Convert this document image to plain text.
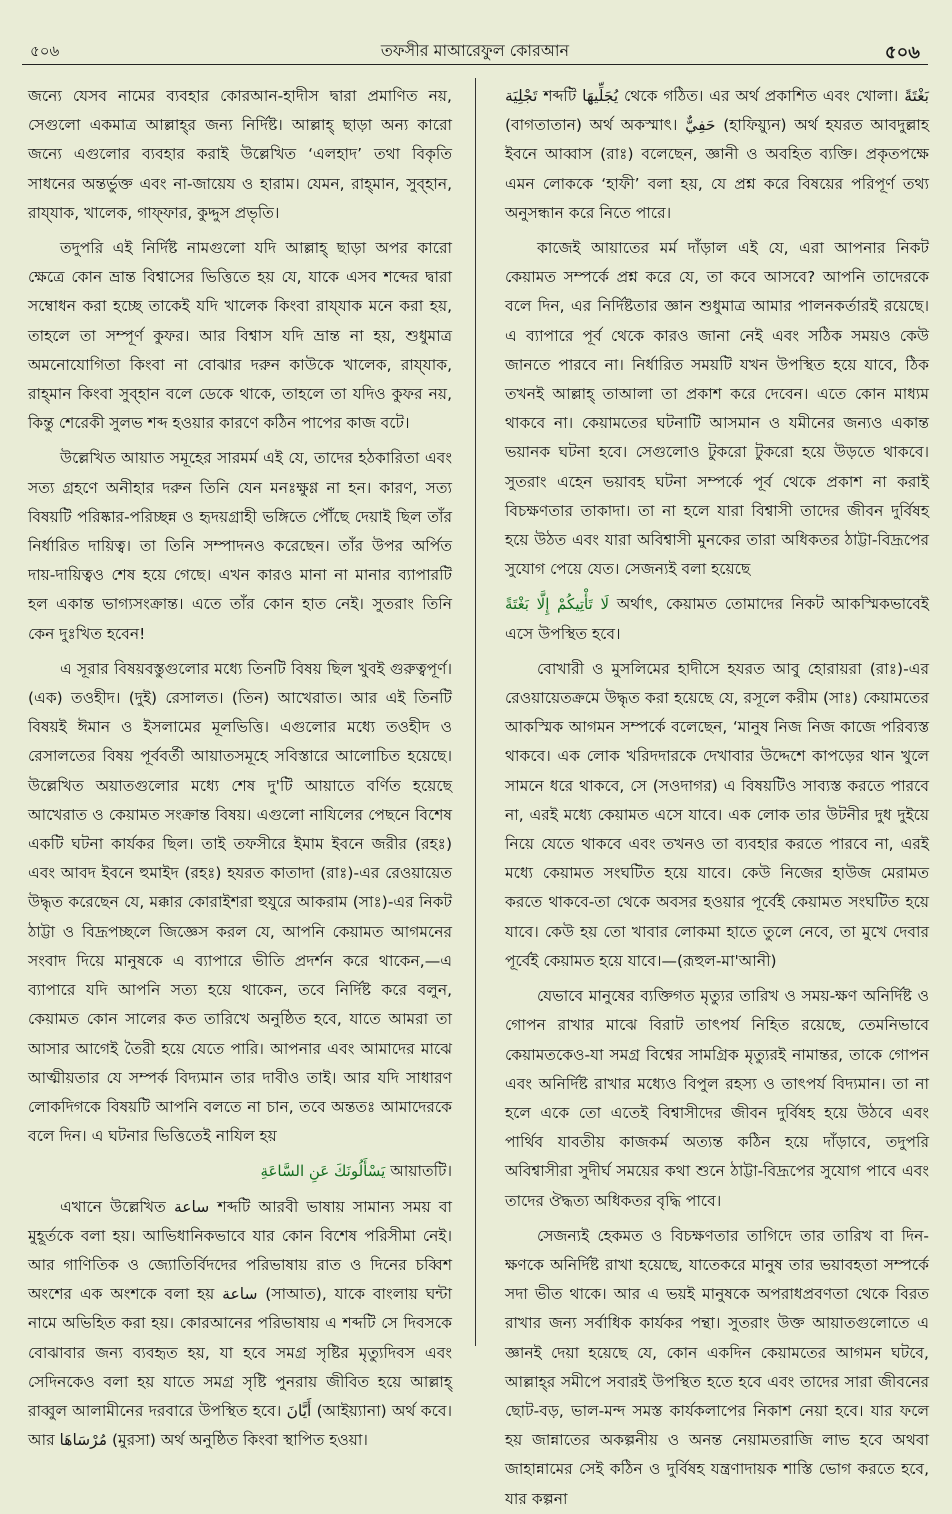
৫০৬	তফসীর মাআরেফুল কোরআন	৫০৬

জন্যে যেসব নামের ব্যবহার কোরআন-হাদীস দ্বারা প্রমাণিত নয়, সেগুলো একমাত্র আল্লাহ্‌র জন্য নির্দিষ্ট। আল্লাহ্ ছাড়া অন্য কারো জন্যে এগুলোর ব্যবহার করাই উল্লেখিত ‘এলহাদ’ তথা বিকৃতি সাধনের অন্তর্ভুক্ত এবং না-জায়েয ও হারাম। যেমন, রাহ্‌মান, সুব্হান, রায্‌যাক, খালেক, গাফ্‌ফার, কুদ্দুস প্রভৃতি।

তদুপরি এই নির্দিষ্ট নামগুলো যদি আল্লাহ্ ছাড়া অপর কারো ক্ষেত্রে কোন ভ্রান্ত বিশ্বাসের ভিত্তিতে হয় যে, যাকে এসব শব্দের দ্বারা সম্বোধন করা হচ্ছে তাকেই যদি খালেক কিংবা রায্‌যাক মনে করা হয়, তাহলে তা সম্পূর্ণ কুফর। আর বিশ্বাস যদি ভ্রান্ত না হয়, শুধুমাত্র অমনোযোগিতা কিংবা না বোঝার দরুন কাউকে খালেক, রায্‌যাক, রাহ্‌মান কিংবা সুব্হান বলে ডেকে থাকে, তাহলে তা যদিও কুফর নয়, কিন্তু শেরেকী সুলভ শব্দ হওয়ার কারণে কঠিন পাপের কাজ বটে।

উল্লেখিত আয়াত সমূহের সারমর্ম এই যে, তাদের হঠকারিতা এবং সত্য গ্রহণে অনীহার দরুন তিনি যেন মনঃক্ষুণ্ণ না হন। কারণ, সত্য বিষয়টি পরিষ্কার-পরিচ্ছন্ন ও হৃদয়গ্রাহী ভঙ্গিতে পৌঁছে দেয়াই ছিল তাঁর নির্ধারিত দায়িত্ব। তা তিনি সম্পাদনও করেছেন। তাঁর উপর অর্পিত দায়-দায়িত্বও শেষ হয়ে গেছে। এখন কারও মানা না মানার ব্যাপারটি হল একান্ত ভাগ্যসংক্রান্ত। এতে তাঁর কোন হাত নেই। সুতরাং তিনি কেন দুঃখিত হবেন!

এ সূরার বিষয়বস্তুগুলোর মধ্যে তিনটি বিষয় ছিল খুবই গুরুত্বপূর্ণ। (এক) তওহীদ। (দুই) রেসালত। (তিন) আখেরাত। আর এই তিনটি বিষয়ই ঈমান ও ইসলামের মূলভিত্তি। এগুলোর মধ্যে তওহীদ ও রেসালতের বিষয় পূর্ববর্তী আয়াতসমূহে সবিস্তারে আলোচিত হয়েছে। উল্লেখিত অয়াতগুলোর মধ্যে শেষ দু'টি আয়াতে বর্ণিত হয়েছে আখেরাত ও কেয়ামত সংক্রান্ত বিষয়। এগুলো নাযিলের পেছনে বিশেষ একটি ঘটনা কার্যকর ছিল। তাই তফসীরে ইমাম ইবনে জরীর (রহঃ) এবং আবদ ইবনে হুমাইদ (রহঃ) হযরত কাতাদা (রাঃ)-এর রেওয়ায়েত উদ্ধৃত করেছেন যে, মক্কার কোরাইশরা হুযুরে আকরাম (সাঃ)-এর নিকট ঠাট্টা ও বিদ্রূপচ্ছলে জিজ্ঞেস করল যে, আপনি কেয়ামত আগমনের সংবাদ দিয়ে মানুষকে এ ব্যাপারে ভীতি প্রদর্শন করে থাকেন,—এ ব্যাপারে যদি আপনি সত্য হয়ে থাকেন, তবে নির্দিষ্ট করে বলুন, কেয়ামত কোন সালের কত তারিখে অনুষ্ঠিত হবে, যাতে আমরা তা আসার আগেই তৈরী হয়ে যেতে পারি। আপনার এবং আমাদের মাঝে আত্মীয়তার যে সম্পর্ক বিদ্যমান তার দাবীও তাই। আর যদি সাধারণ লোকদিগকে বিষয়টি আপনি বলতে না চান, তবে অন্ততঃ আমাদেরকে বলে দিন। এ ঘটনার ভিত্তিতেই নাযিল হয়

يَسْأَلُونَكَ عَنِ السَّاعَةِ আয়াতটি।

এখানে উল্লেখিত ساعة শব্দটি আরবী ভাষায় সামান্য সময় বা মুহূর্তকে বলা হয়। আভিধানিকভাবে যার কোন বিশেষ পরিসীমা নেই। আর গাণিতিক ও জ্যোতির্বিদদের পরিভাষায় রাত ও দিনের চব্বিশ অংশের এক অংশকে বলা হয় ساعة (সাআত), যাকে বাংলায় ঘন্টা নামে অভিহিত করা হয়। কোরআনের পরিভাষায় এ শব্দটি সে দিবসকে বোঝাবার জন্য ব্যবহৃত হয়, যা হবে সমগ্র সৃষ্টির মৃত্যুদিবস এবং সেদিনকেও বলা হয় যাতে সমগ্র সৃষ্টি পুনরায় জীবিত হয়ে আল্লাহ্ রাব্বুল আলামীনের দরবারে উপস্থিত হবে। أَيَّانَ (আইয়্যানা) অর্থ কবে। আর مُرْسَاهَا (মুরসা) অর্থ অনুষ্ঠিত কিংবা স্থাপিত হওয়া।

تَجْلِيَة শব্দটি يُجَلِّيهَا থেকে গঠিত। এর অর্থ প্রকাশিত এবং খোলা। بَغْتَةً (বাগতাতান) অর্থ অকস্মাৎ। حَفِيٌّ (হাফিয়্যুন) অর্থ হযরত আবদুল্লাহ ইবনে আব্বাস (রাঃ) বলেছেন, জ্ঞানী ও অবহিত ব্যক্তি। প্রকৃতপক্ষে এমন লোককে ‘হাফী’ বলা হয়, যে প্রশ্ন করে বিষয়ের পরিপূর্ণ তথ্য অনুসন্ধান করে নিতে পারে।

কাজেই আয়াতের মর্ম দাঁড়াল এই যে, এরা আপনার নিকট কেয়ামত সম্পর্কে প্রশ্ন করে যে, তা কবে আসবে? আপনি তাদেরকে বলে দিন, এর নির্দিষ্টতার জ্ঞান শুধুমাত্র আমার পালনকর্তারই রয়েছে। এ ব্যাপারে পূর্ব থেকে কারও জানা নেই এবং সঠিক সময়ও কেউ জানতে পারবে না। নির্ধারিত সময়টি যখন উপস্থিত হয়ে যাবে, ঠিক তখনই আল্লাহ্ তাআলা তা প্রকাশ করে দেবেন। এতে কোন মাধ্যম থাকবে না। কেয়ামতের ঘটনাটি আসমান ও যমীনের জন্যও একান্ত ভয়ানক ঘটনা হবে। সেগুলোও টুকরো টুকরো হয়ে উড়তে থাকবে। সুতরাং এহেন ভয়াবহ ঘটনা সম্পর্কে পূর্ব থেকে প্রকাশ না করাই বিচক্ষণতার তাকাদা। তা না হলে যারা বিশ্বাসী তাদের জীবন দুর্বিষহ হয়ে উঠত এবং যারা অবিশ্বাসী মুনকের তারা অধিকতর ঠাট্টা-বিদ্রূপের সুযোগ পেয়ে যেত। সেজন্যই বলা হয়েছে

لَا تَأْتِيكُمْ إِلَّا بَغْتَةً অর্থাৎ, কেয়ামত তোমাদের নিকট আকস্মিকভাবেই এসে উপস্থিত হবে।

বোখারী ও মুসলিমের হাদীসে হযরত আবু হোরায়রা (রাঃ)-এর রেওয়ায়েতক্রমে উদ্ধৃত করা হয়েছে যে, রসূলে করীম (সাঃ) কেয়ামতের আকস্মিক আগমন সম্পর্কে বলেছেন, ‘মানুষ নিজ নিজ কাজে পরিব্যস্ত থাকবে। এক লোক খরিদদারকে দেখাবার উদ্দেশে কাপড়ের থান খুলে সামনে ধরে থাকবে, সে (সওদাগর) এ বিষয়টিও সাব্যস্ত করতে পারবে না, এরই মধ্যে কেয়ামত এসে যাবে। এক লোক তার উটনীর দুধ দুইয়ে নিয়ে যেতে থাকবে এবং তখনও তা ব্যবহার করতে পারবে না, এরই মধ্যে কেয়ামত সংঘটিত হয়ে যাবে। কেউ নিজের হাউজ মেরামত করতে থাকবে-তা থেকে অবসর হওয়ার পূর্বেই কেয়ামত সংঘটিত হয়ে যাবে। কেউ হয় তো খাবার লোকমা হাতে তুলে নেবে, তা মুখে দেবার পূর্বেই কেয়ামত হয়ে যাবে।—(রূহুল-মা'আনী)

যেভাবে মানুষের ব্যক্তিগত মৃত্যুর তারিখ ও সময়-ক্ষণ অনির্দিষ্ট ও গোপন রাখার মাঝে বিরাট তাৎপর্য নিহিত রয়েছে, তেমনিভাবে কেয়ামতকেও-যা সমগ্র বিশ্বের সামগ্রিক মৃত্যুরই নামান্তর, তাকে গোপন এবং অনির্দিষ্ট রাখার মধ্যেও বিপুল রহস্য ও তাৎপর্য বিদ্যমান। তা না হলে একে তো এতেই বিশ্বাসীদের জীবন দুর্বিষহ হয়ে উঠবে এবং পার্থিব যাবতীয় কাজকর্ম অত্যন্ত কঠিন হয়ে দাঁড়াবে, তদুপরি অবিশ্বাসীরা সুদীর্ঘ সময়ের কথা শুনে ঠাট্টা-বিদ্রূপের সুযোগ পাবে এবং তাদের ঔদ্ধত্য অধিকতর বৃদ্ধি পাবে।

সেজন্যই হেকমত ও বিচক্ষণতার তাগিদে তার তারিখ বা দিন-ক্ষণকে অনির্দিষ্ট রাখা হয়েছে, যাতেকরে মানুষ তার ভয়াবহতা সম্পর্কে সদা ভীত থাকে। আর এ ভয়ই মানুষকে অপরাধপ্রবণতা থেকে বিরত রাখার জন্য সর্বাধিক কার্যকর পন্থা। সুতরাং উক্ত আয়াতগুলোতে এ জ্ঞানই দেয়া হয়েছে যে, কোন একদিন কেয়ামতের আগমন ঘটবে, আল্লাহ্‌র সমীপে সবারই উপস্থিত হতে হবে এবং তাদের সারা জীবনের ছোট-বড়, ভাল-মন্দ সমস্ত কার্যকলাপের নিকাশ নেয়া হবে। যার ফলে হয় জান্নাতের অকল্পনীয় ও অনন্ত নেয়ামতরাজি লাভ হবে অথবা জাহান্নামের সেই কঠিন ও দুর্বিষহ যন্ত্রণাদায়ক শাস্তি ভোগ করতে হবে, যার কল্পনা
